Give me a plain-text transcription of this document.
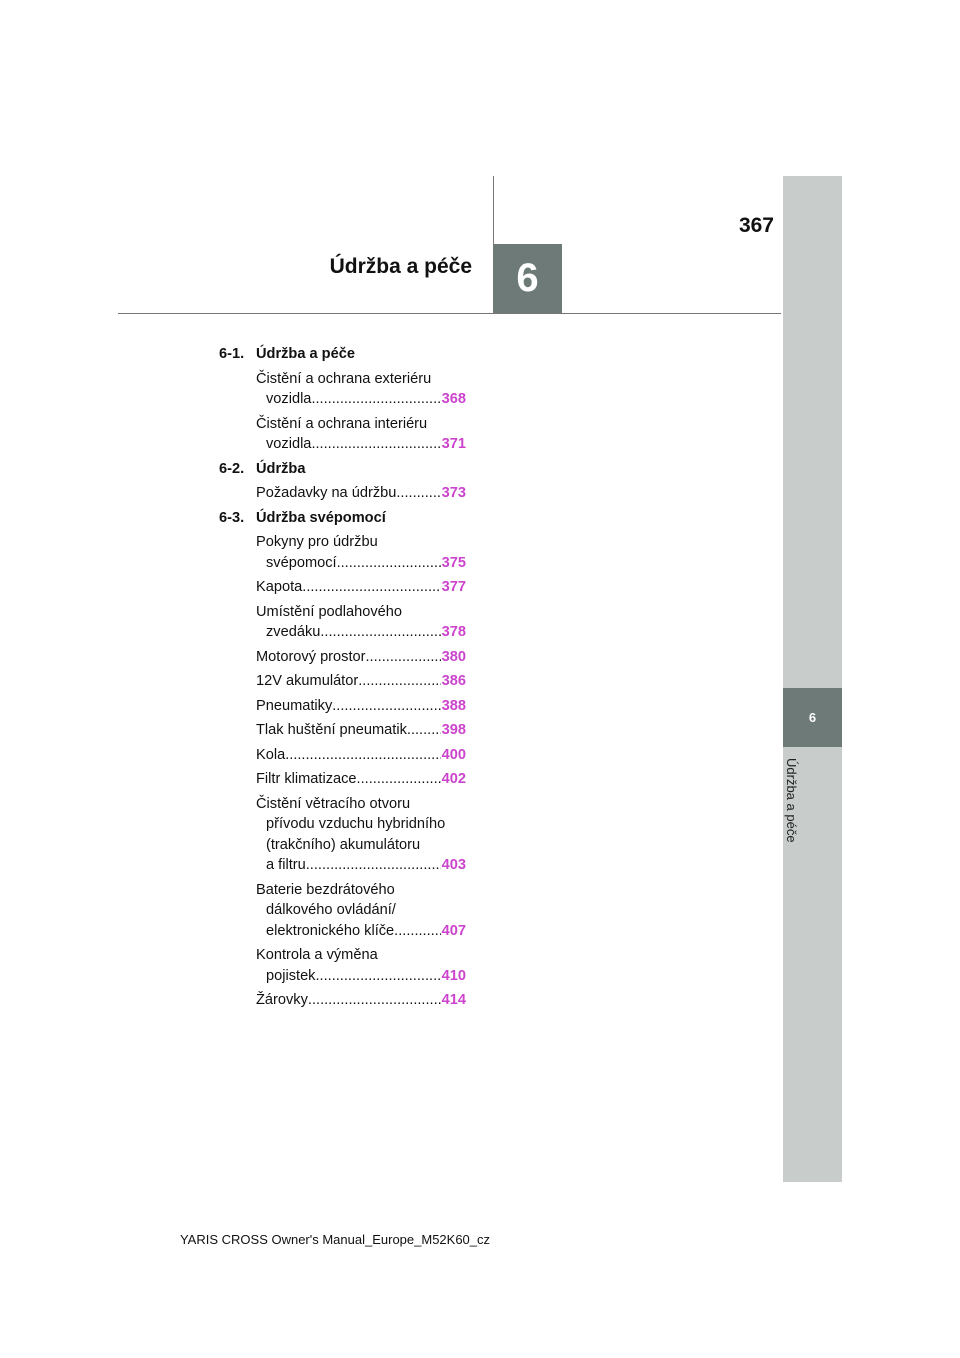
6
Údržba a péče
6
367
Údržba a péče
6-1. Údržba a péče
Čistění a ochrana exteriéru
vozidla .....	368
Čistění a ochrana interiéru
vozidla .....	371
6-2. Údržba
Požadavky na údržbu .....	373
6-3. Údržba svépomocí
Pokyny pro údržbu
svépomocí .....	375
Kapota .....	377
Umístění podlahového
zvedáku .....	378
Motorový prostor .....	380
12V akumulátor .....	386
Pneumatiky .....	388
Tlak huštění pneumatik ..... 398
Kola .....	400
Filtr klimatizace .....	402
Čistění větracího otvoru
přívodu vzduchu hybridního
(trakčního) akumulátoru
a filtru .....	403
Baterie bezdrátového
dálkového ovládání/
elektronického klíče .....	407
Kontrola a výměna
pojistek .....	410
Žárovky .....	414
YARIS CROSS Owner's Manual_Europe_M52K60_cz
